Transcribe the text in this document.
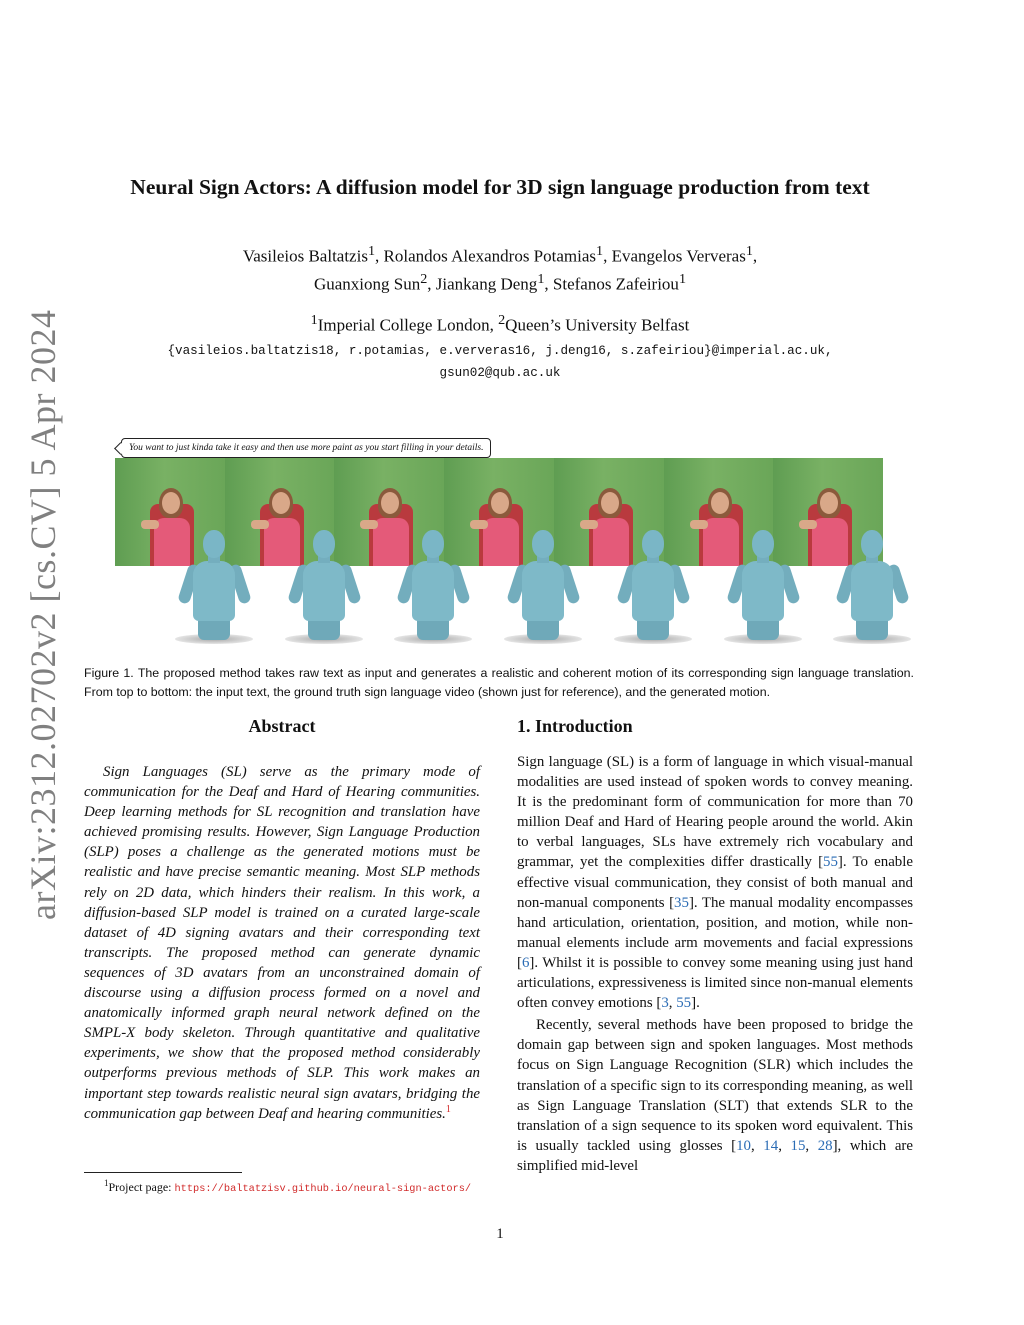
arXiv:2312.02702v2 [cs.CV] 5 Apr 2024
Neural Sign Actors: A diffusion model for 3D sign language production from text
Vasileios Baltatzis$^1$, Rolandos Alexandros Potamias$^1$, Evangelos Ververas$^1$,
Guanxiong Sun$^2$, Jiankang Deng$^1$, Stefanos Zafeiriou$^1$
$^1$Imperial College London, $^2$Queen’s University Belfast
{vasileios.baltatzis18, r.potamias, e.ververas16, j.deng16, s.zafeiriou}@imperial.ac.uk,
gsun02@qub.ac.uk
You want to just kinda take it easy and then use more paint as you start filling in your details.

Figure 1. The proposed method takes raw text as input and generates a realistic and coherent motion of its corresponding sign language translation. From top to bottom: the input text, the ground truth sign language video (shown just for reference), and the generated motion.

Abstract

Sign Languages (SL) serve as the primary mode of communication for the Deaf and Hard of Hearing communities. Deep learning methods for SL recognition and translation have achieved promising results. However, Sign Language Production (SLP) poses a challenge as the generated motions must be realistic and have precise semantic meaning. Most SLP methods rely on 2D data, which hinders their realism. In this work, a diffusion-based SLP model is trained on a curated large-scale dataset of 4D signing avatars and their corresponding text transcripts. The proposed method can generate dynamic sequences of 3D avatars from an unconstrained domain of discourse using a diffusion process formed on a novel and anatomically informed graph neural network defined on the SMPL-X body skeleton. Through quantitative and qualitative experiments, we show that the proposed method considerably outperforms previous methods of SLP. This work makes an important step towards realistic neural sign avatars, bridging the communication gap between Deaf and hearing communities.$^1$

1. Introduction

Sign language (SL) is a form of language in which visual-manual modalities are used instead of spoken words to convey meaning. It is the predominant form of communication for more than 70 million Deaf and Hard of Hearing people around the world. Akin to verbal languages, SLs have extremely rich vocabulary and grammar, yet the complexities differ drastically [55]. To enable effective visual communication, they consist of both manual and non-manual components [35]. The manual modality encompasses hand articulation, orientation, position, and motion, while non-manual elements include arm movements and facial expressions [6]. Whilst it is possible to convey some meaning using just hand articulations, expressiveness is limited since non-manual elements often convey emotions [3, 55].

Recently, several methods have been proposed to bridge the domain gap between sign and spoken languages. Most methods focus on Sign Language Recognition (SLR) which includes the translation of a specific sign to its corresponding meaning, as well as Sign Language Translation (SLT) that extends SLR to the translation of a sign sequence to its spoken word equivalent. This is usually tackled using glosses [10, 14, 15, 28], which are simplified mid-level

$^1$Project page: https://baltatzisv.github.io/neural-sign-actors/
1
